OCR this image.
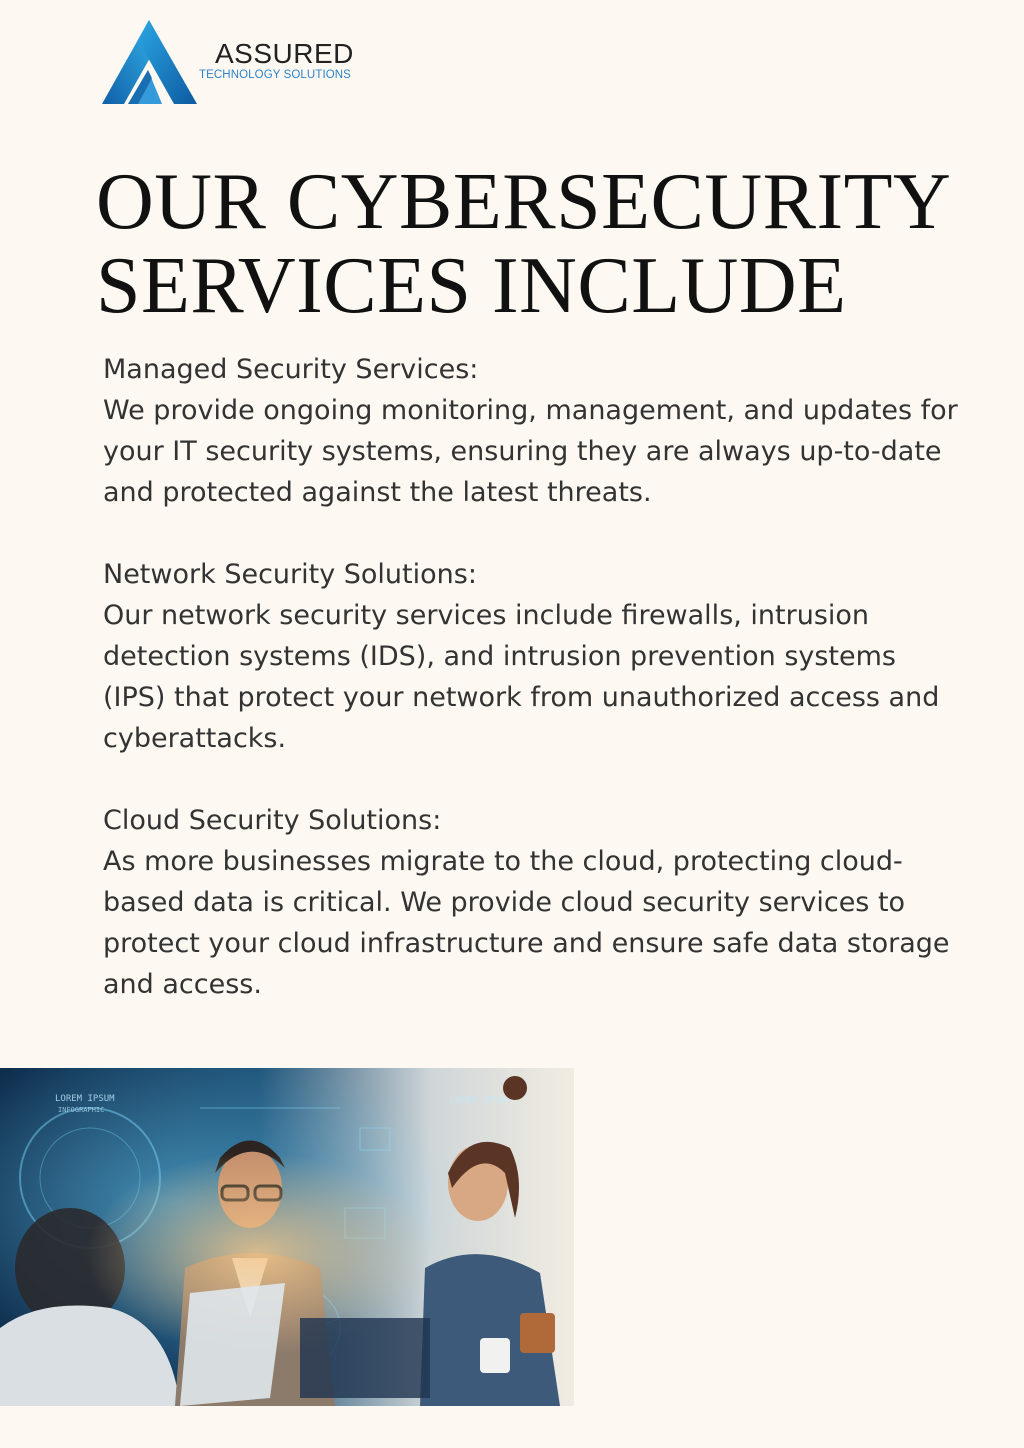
ASSURED
TECHNOLOGY SOLUTIONS
OUR CYBERSECURITY
SERVICES INCLUDE
Managed Security Services:
We provide ongoing monitoring, management, and updates for your IT security systems, ensuring they are always up-to-date and protected against the latest threats.
Network Security Solutions:
Our network security services include firewalls, intrusion detection systems (IDS), and intrusion prevention systems (IPS) that protect your network from unauthorized access and cyberattacks.
Cloud Security Solutions:
As more businesses migrate to the cloud, protecting cloud-based data is critical. We provide cloud security services to protect your cloud infrastructure and ensure safe data storage and access.
